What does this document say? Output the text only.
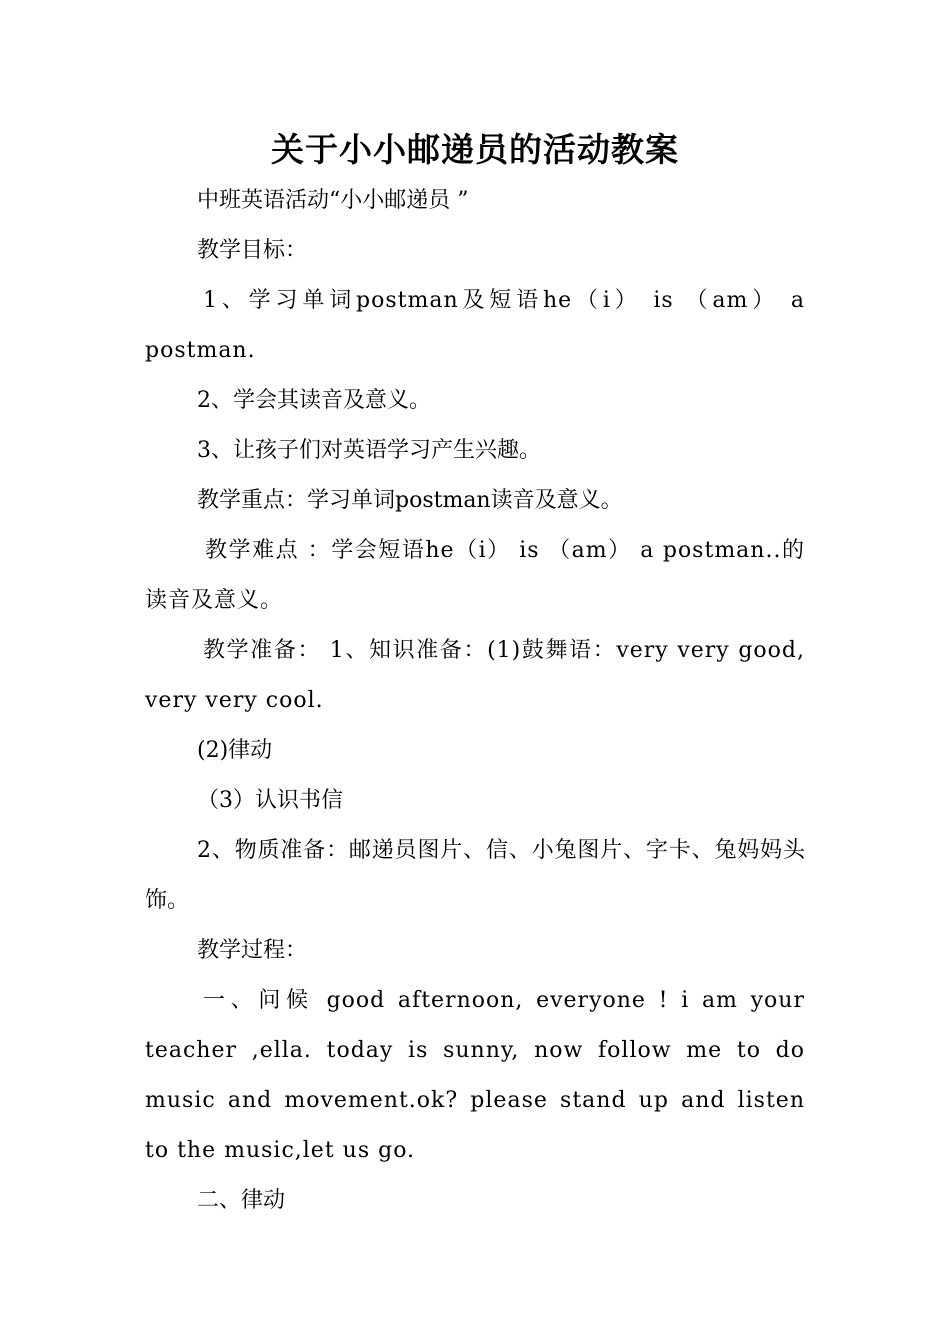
关于小小邮递员的活动教案

中班英语活动“小小邮递员 ”

教学目标：

1、学习单词postman及短语he（i） is （am） a postman.

2、学会其读音及意义。

3、让孩子们对英语学习产生兴趣。

教学重点：学习单词postman读音及意义。

教学难点 ：学会短语he（i） is （am） a postman..的读音及意义。

教学准备： 1、知识准备：(1)鼓舞语：very very good, very very cool.

(2)律动

（3）认识书信

2、物质准备：邮递员图片、信、小兔图片、字卡、兔妈妈头饰。

教学过程：

一、问候 good afternoon, everyone ! i am your teacher ,ella. today is sunny, now follow me to do music and movement.ok? please stand up and listen to the music,let us go.

二、律动
